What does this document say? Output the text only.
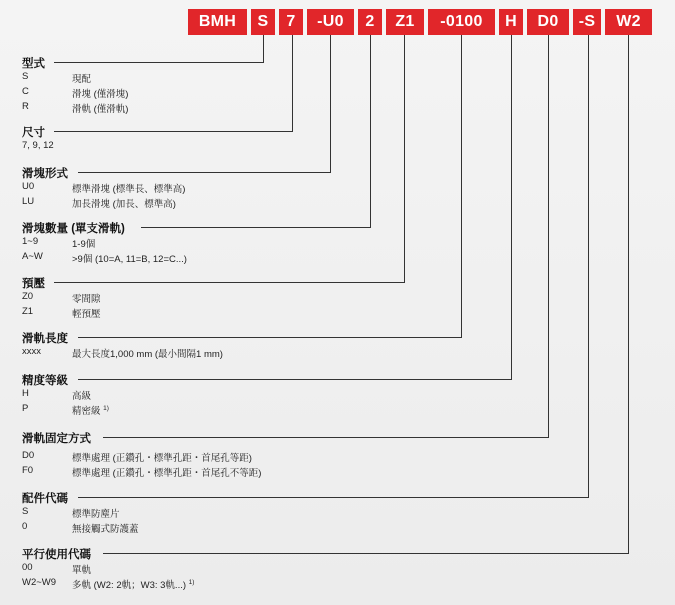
BMH	S	7	-U0	2	Z1	-0100	H	D0	-S	W2
型式
S	現配
C	滑塊 (僅滑塊)
R	滑軌 (僅滑軌)
尺寸
7, 9, 12
滑塊形式
U0	標準滑塊 (標準長、標準高)
LU	加長滑塊 (加長、標準高)
滑塊數量 (單支滑軌)
1~9	1-9個
A~W	>9個 (10=A, 11=B, 12=C...)
預壓
Z0	零間隙
Z1	輕預壓
滑軌長度
xxxx	最大長度1,000 mm (最小間隔1 mm)
精度等級
H	高級
P	精密級 $^{1)}$
滑軌固定方式
D0	標準處理 (正鑽孔・標準孔距・首尾孔等距)
F0	標準處理 (正鑽孔・標準孔距・首尾孔不等距)
配件代碼
S	標準防塵片
0	無接觸式防護蓋
平行使用代碼
00	單軌
W2~W9 多軌 (W2: 2軌；W3: 3軌...) $^{1)}$
